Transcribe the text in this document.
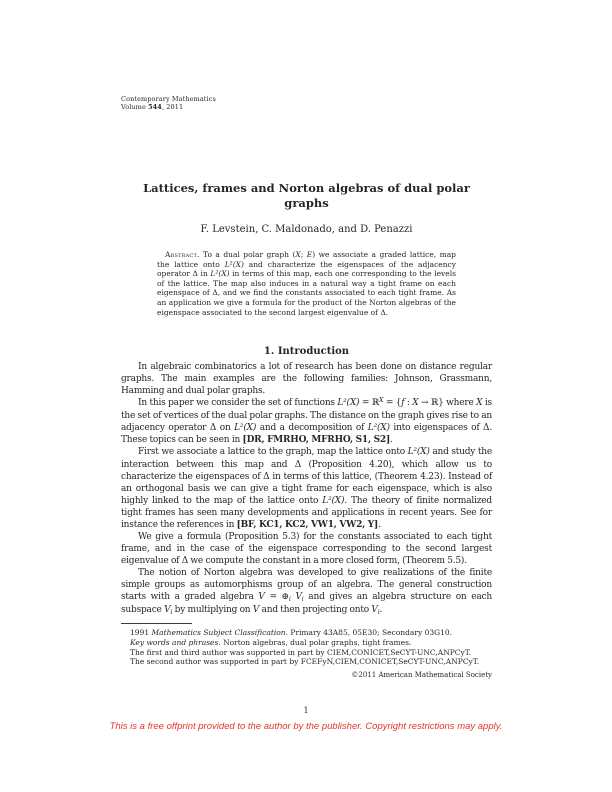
Contemporary Mathematics
Volume 544, 2011
Lattices, frames and Norton algebras of dual polar graphs
F. Levstein, C. Maldonado, and D. Penazzi
Abstract. To a dual polar graph (X; E) we associate a graded lattice, map the lattice onto L²(X) and characterize the eigenspaces of the adjacency operator Δ in L²(X) in terms of this map, each one corresponding to the levels of the lattice. The map also induces in a natural way a tight frame on each eigenspace of Δ, and we find the constants associated to each tight frame. As an application we give a formula for the product of the Norton algebras of the eigenspace associated to the second largest eigenvalue of Δ.
1. Introduction

In algebraic combinatorics a lot of research has been done on distance regular graphs. The main examples are the following families: Johnson, Grassmann, Hamming and dual polar graphs.

In this paper we consider the set of functions L²(X) = ℝ$^X$ = {f : X → ℝ} where X is the set of vertices of the dual polar graphs. The distance on the graph gives rise to an adjacency operator Δ on L²(X) and a decomposition of L²(X) into eigenspaces of Δ. These topics can be seen in [DR, FMRHO, MFRHO, S1, S2].

First we associate a lattice to the graph, map the lattice onto L²(X) and study the interaction between this map and Δ (Proposition 4.20), which allow us to characterize the eigenspaces of Δ in terms of this lattice, (Theorem 4.23). Instead of an orthogonal basis we can give a tight frame for each eigenspace, which is also highly linked to the map of the lattice onto L²(X). The theory of finite normalized tight frames has seen many developments and applications in recent years. See for instance the references in [BF, KC1, KC2, VW1, VW2, Y].

We give a formula (Proposition 5.3) for the constants associated to each tight frame, and in the case of the eigenspace corresponding to the second largest eigenvalue of Δ we compute the constant in a more closed form, (Theorem 5.5).

The notion of Norton algebra was developed to give realizations of the finite simple groups as automorphisms group of an algebra. The general construction starts with a graded algebra V = ⊕i Vi and gives an algebra structure on each subspace Vi by multiplying on V and then projecting onto Vi.

1991 Mathematics Subject Classification. Primary 43A85, 05E30; Secondary 03G10.

Key words and phrases. Norton algebras, dual polar graphs, tight frames.

The first and third author was supported in part by CIEM,CONICET,SeCYT-UNC,ANPCyT.

The second author was supported in part by FCEFyN,CIEM,CONICET,SeCYT-UNC,ANPCyT.

©2011 American Mathematical Society
1
This is a free offprint provided to the author by the publisher. Copyright restrictions may apply.
